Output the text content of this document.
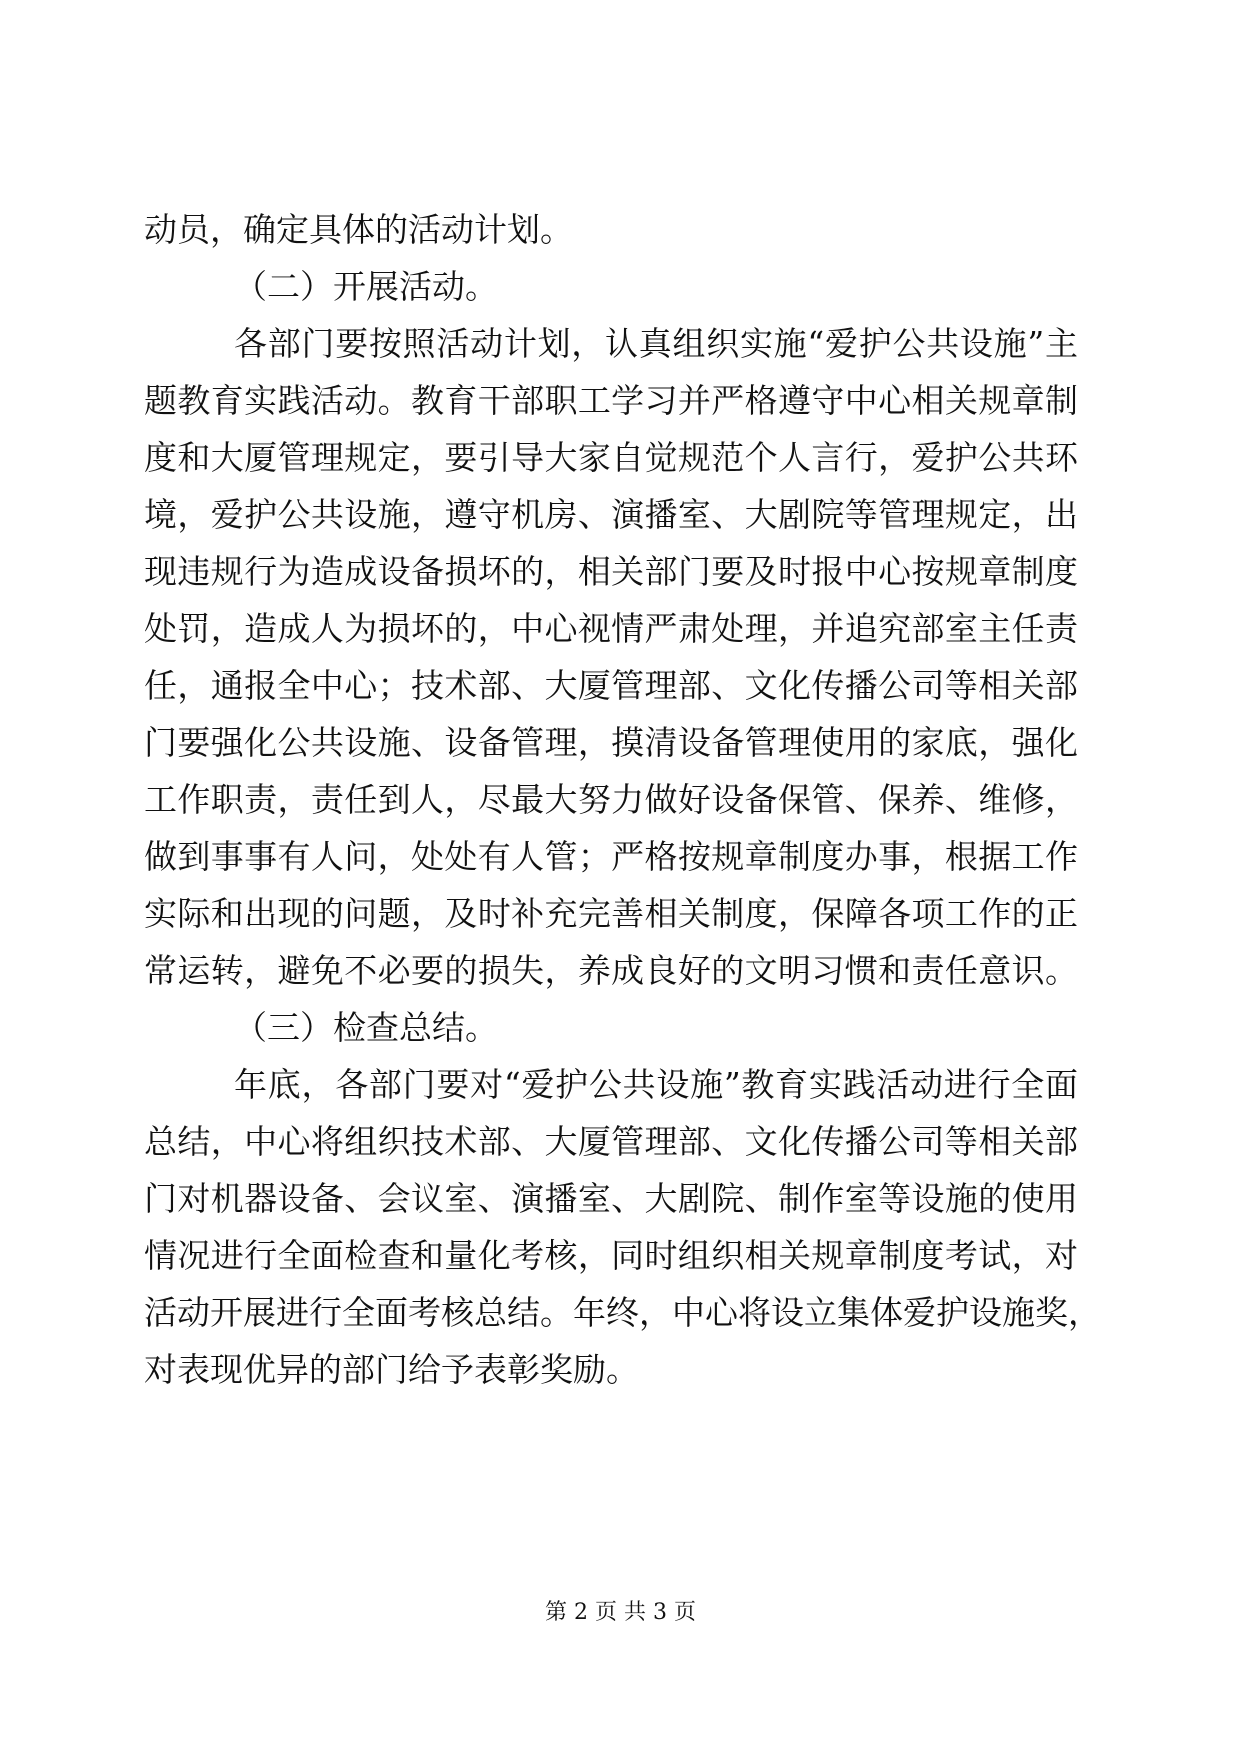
动员，确定具体的活动计划。
（二）开展活动。
各部门要按照活动计划，认真组织实施“爱护公共设施”主
题教育实践活动。教育干部职工学习并严格遵守中心相关规章制
度和大厦管理规定，要引导大家自觉规范个人言行，爱护公共环
境，爱护公共设施，遵守机房、演播室、大剧院等管理规定，出
现违规行为造成设备损坏的，相关部门要及时报中心按规章制度
处罚，造成人为损坏的，中心视情严肃处理，并追究部室主任责
任，通报全中心；技术部、大厦管理部、文化传播公司等相关部
门要强化公共设施、设备管理，摸清设备管理使用的家底，强化
工作职责，责任到人，尽最大努力做好设备保管、保养、维修，
做到事事有人问，处处有人管；严格按规章制度办事，根据工作
实际和出现的问题，及时补充完善相关制度，保障各项工作的正
常运转，避免不必要的损失，养成良好的文明习惯和责任意识。
（三）检查总结。
年底，各部门要对“爱护公共设施”教育实践活动进行全面
总结，中心将组织技术部、大厦管理部、文化传播公司等相关部
门对机器设备、会议室、演播室、大剧院、制作室等设施的使用
情况进行全面检查和量化考核，同时组织相关规章制度考试，对
活动开展进行全面考核总结。年终，中心将设立集体爱护设施奖，
对表现优异的部门给予表彰奖励。
第 2 页 共 3 页
